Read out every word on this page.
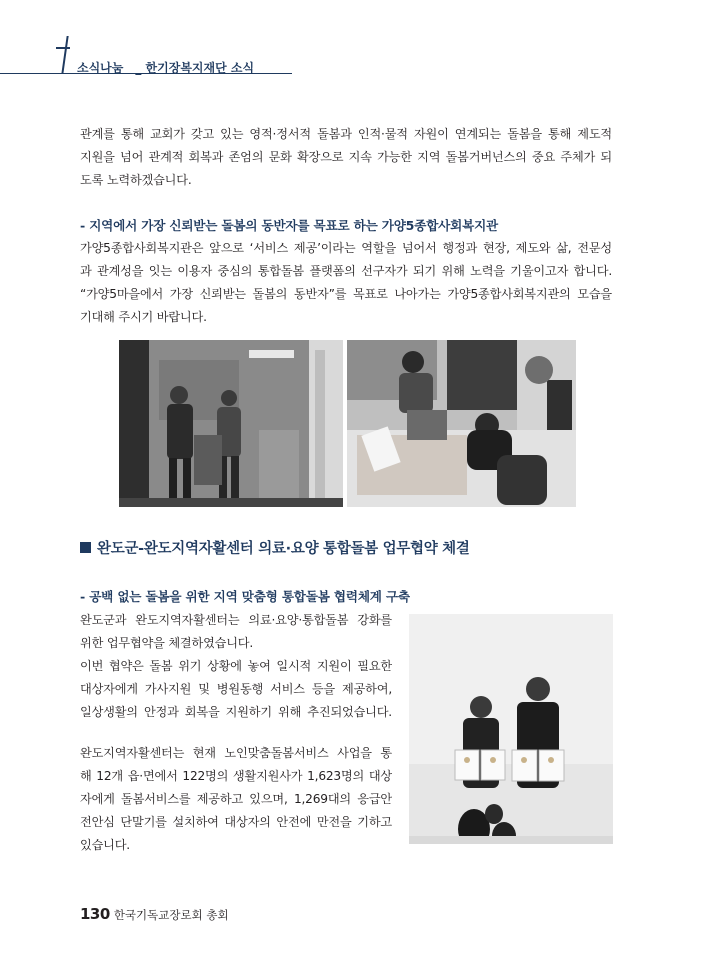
소식나눔 _ 한기장복지재단 소식
관계를 통해 교회가 갖고 있는 영적·정서적 돌봄과 인적·물적 자원이 연계되는 돌봄을 통해 제도적
지원을 넘어 관계적 회복과 존엄의 문화 확장으로 지속 가능한 지역 돌봄거버넌스의 중요 주체가 되
도록 노력하겠습니다.
- 지역에서 가장 신뢰받는 돌봄의 동반자를 목표로 하는 가양5종합사회복지관
가양5종합사회복지관은 앞으로 ‘서비스 제공’이라는 역할을 넘어서 행정과 현장, 제도와 삶, 전문성
과 관계성을 잇는 이용자 중심의 통합돌봄 플랫폼의 선구자가 되기 위해 노력을 기울이고자 합니다.
“가양5마을에서 가장 신뢰받는 돌봄의 동반자”를 목표로 나아가는 가양5종합사회복지관의 모습을
기대해 주시기 바랍니다.
완도군-완도지역자활센터 의료·요양 통합돌봄 업무협약 체결
- 공백 없는 돌봄을 위한 지역 맞춤형 통합돌봄 협력체계 구축
완도군과 완도지역자활센터는 의료·요양·통합돌봄 강화를
위한 업무협약을 체결하였습니다.
이번 협약은 돌봄 위기 상황에 놓여 일시적 지원이 필요한
대상자에게 가사지원 및 병원동행 서비스 등을 제공하여,
일상생활의 안정과 회복을 지원하기 위해 추진되었습니다.
완도지역자활센터는 현재 노인맞춤돌봄서비스 사업을 통
해 12개 읍·면에서 122명의 생활지원사가 1,623명의 대상
자에게 돌봄서비스를 제공하고 있으며, 1,269대의 응급안
전안심 단말기를 설치하여 대상자의 안전에 만전을 기하고
있습니다.
130 한국기독교장로회 총회
